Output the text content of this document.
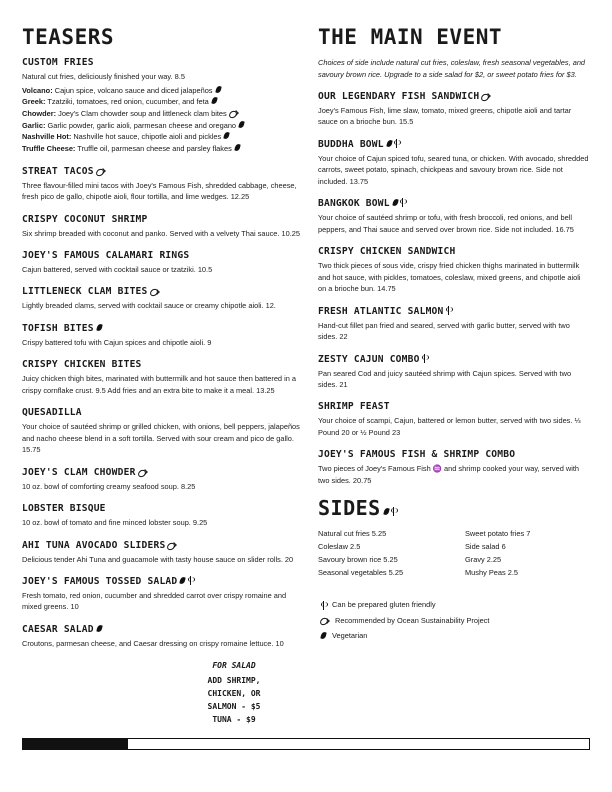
TEASERS
CUSTOM FRIES
Natural cut fries, deliciously finished your way. 8.5
Volcano: Cajun spice, volcano sauce and diced jalapeños
Greek: Tzatziki, tomatoes, red onion, cucumber, and feta
Chowder: Joey's Clam chowder soup and littleneck clam bites
Garlic: Garlic powder, garlic aioli, parmesan cheese and oregano
Nashville Hot: Nashville hot sauce, chipotle aioli and pickles
Truffle Cheese: Truffle oil, parmesan cheese and parsley flakes
STREAT TACOS
Three flavour-filled mini tacos with Joey's Famous Fish, shredded cabbage, cheese, fresh pico de gallo, chipotle aioli, flour tortilla, and lime wedges. 12.25
CRISPY COCONUT SHRIMP
Six shrimp breaded with coconut and panko. Served with a velvety Thai sauce. 10.25
JOEY'S FAMOUS CALAMARI RINGS
Cajun battered, served with cocktail sauce or tzatziki. 10.5
LITTLENECK CLAM BITES
Lightly breaded clams, served with cocktail sauce or creamy chipotle aioli. 12.
TOFISH BITES
Crispy battered tofu with Cajun spices and chipotle aioli. 9
CRISPY CHICKEN BITES
Juicy chicken thigh bites, marinated with buttermilk and hot sauce then battered in a crispy cornflake crust. 9.5 Add fries and an extra bite to make it a meal. 13.25
QUESADILLA
Your choice of sautéed shrimp or grilled chicken, with onions, bell peppers, jalapeños and nacho cheese blend in a soft tortilla. Served with sour cream and pico de gallo. 15.75
JOEY'S CLAM CHOWDER
10 oz. bowl of comforting creamy seafood soup. 8.25
LOBSTER BISQUE
10 oz. bowl of tomato and fine minced lobster soup. 9.25
AHI TUNA AVOCADO SLIDERS
Delicious tender Ahi Tuna and guacamole with tasty house sauce on slider rolls. 20
JOEY'S FAMOUS TOSSED SALAD
Fresh tomato, red onion, cucumber and shredded carrot over crispy romaine and mixed greens. 10
CAESAR SALAD
Croutons, parmesan cheese, and Caesar dressing on crispy romaine lettuce. 10
FOR SALAD
ADD SHRIMP,
CHICKEN, OR
SALMON - $5
TUNA - $9
THE MAIN EVENT
Choices of side include natural cut fries, coleslaw, fresh seasonal vegetables, and savoury brown rice. Upgrade to a side salad for $2, or sweet potato fries for $3.
OUR LEGENDARY FISH SANDWICH
Joey's Famous Fish, lime slaw, tomato, mixed greens, chipotle aioli and tartar sauce on a brioche bun. 15.5
BUDDHA BOWL
Your choice of Cajun spiced tofu, seared tuna, or chicken. With avocado, shredded carrots, sweet potato, spinach, chickpeas and savoury brown rice. Side not included. 13.75
BANGKOK BOWL
Your choice of sautéed shrimp or tofu, with fresh broccoli, red onions, and bell peppers, and Thai sauce and served over brown rice. Side not included. 16.75
CRISPY CHICKEN SANDWICH
Two thick pieces of sous vide, crispy fried chicken thighs marinated in buttermilk and hot sauce, with pickles, tomatoes, coleslaw, mixed greens, and chipotle aioli on a brioche bun. 14.75
FRESH ATLANTIC SALMON
Hand-cut fillet pan fried and seared, served with garlic butter, served with two sides. 22
ZESTY CAJUN COMBO
Pan seared Cod and juicy sautéed shrimp with Cajun spices. Served with two sides. 21
SHRIMP FEAST
Your choice of scampi, Cajun, battered or lemon butter, served with two sides. ⅓ Pound 20 or ½ Pound 23
JOEY'S FAMOUS FISH & SHRIMP COMBO
Two pieces of Joey's Famous Fish ♒ and shrimp cooked your way, served with two sides. 20.75
SIDES
Natural cut fries 5.25
Coleslaw 2.5
Savoury brown rice 5.25
Seasonal vegetables 5.25
Sweet potato fries 7
Side salad 6
Gravy 2.25
Mushy Peas 2.5
Can be prepared gluten friendly
Recommended by Ocean Sustainability Project
Vegetarian
